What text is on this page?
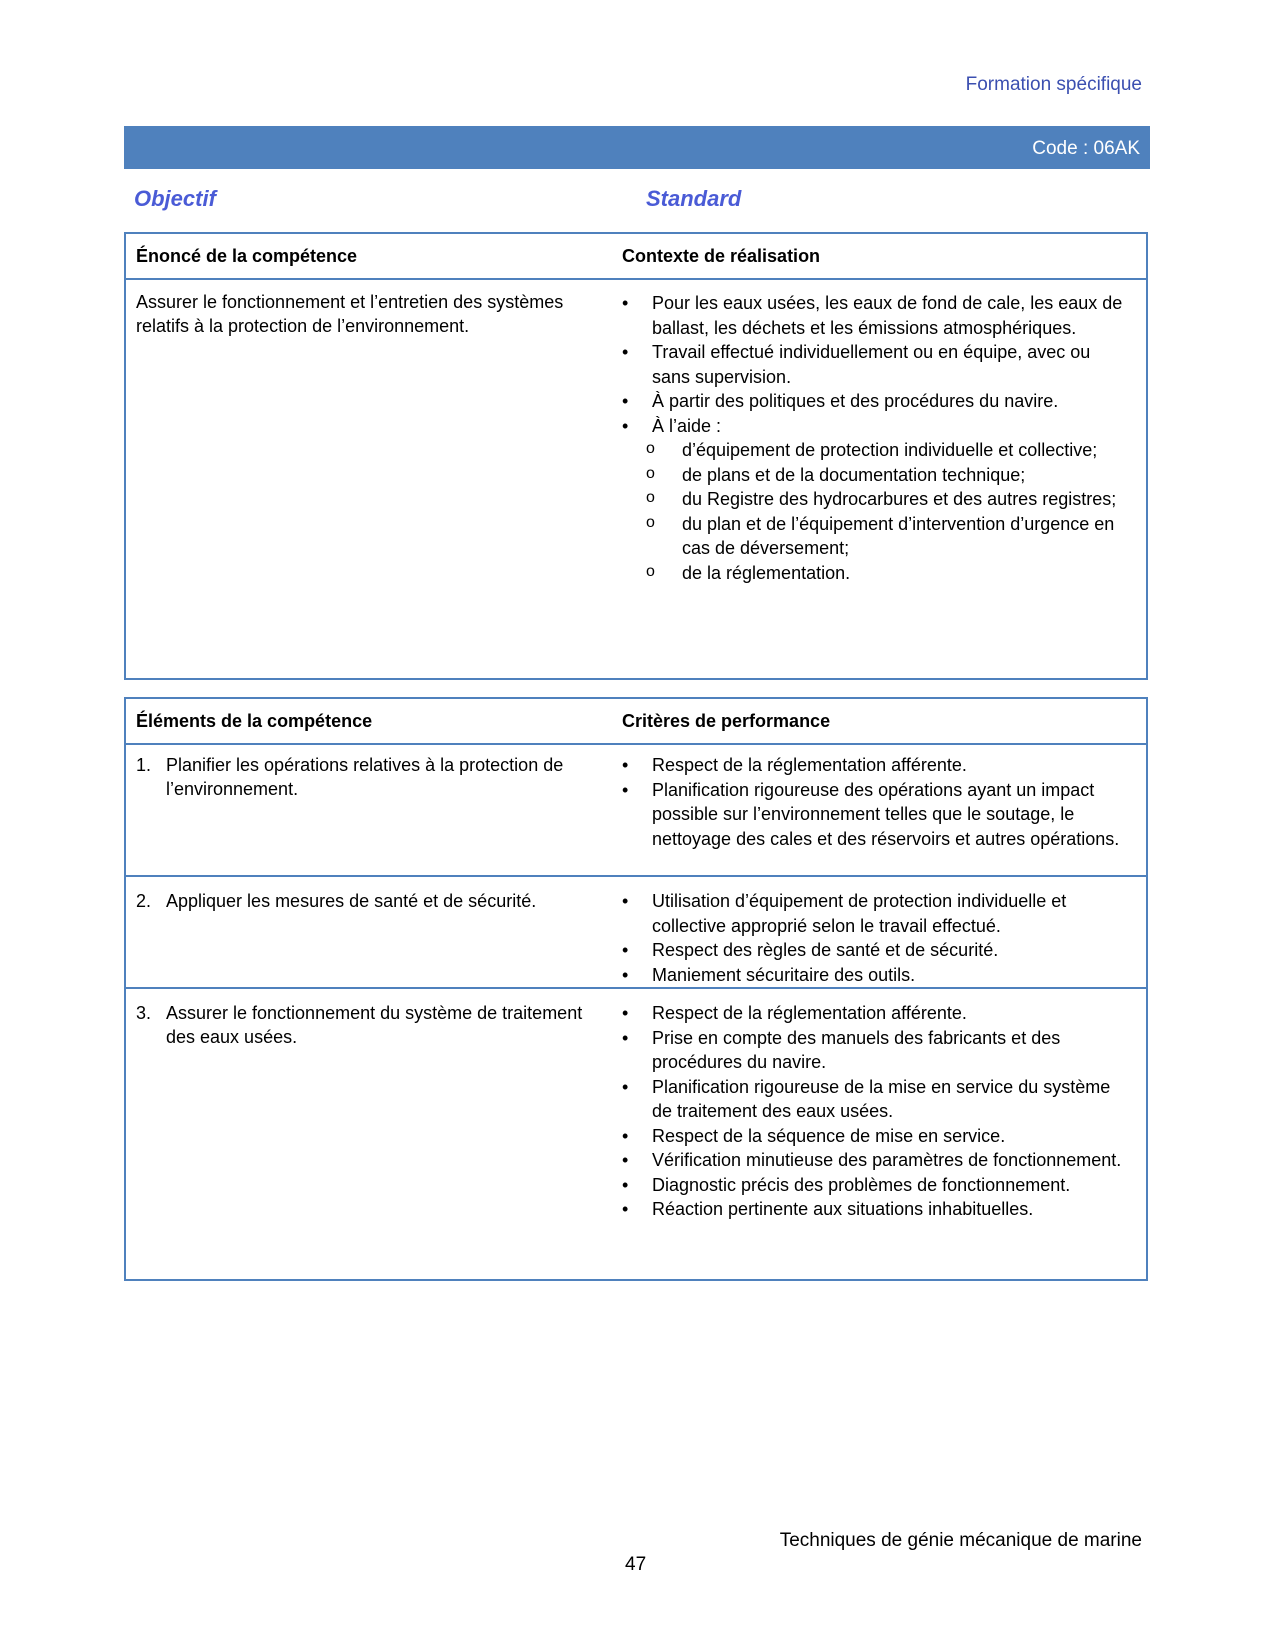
Formation spécifique
Code : 06AK
Objectif	Standard
Énoncé de la compétence	Contexte de réalisation
Assurer le fonctionnement et l’entretien des systèmes relatifs à la protection de l’environnement.
• Pour les eaux usées, les eaux de fond de cale, les eaux de ballast, les déchets et les émissions atmosphériques.
• Travail effectué individuellement ou en équipe, avec ou sans supervision.
• À partir des politiques et des procédures du navire.
• À l’aide :
o d’équipement de protection individuelle et collective;
o de plans et de la documentation technique;
o du Registre des hydrocarbures et des autres registres;
o du plan et de l’équipement d’intervention d’urgence en cas de déversement;
o de la réglementation.
Éléments de la compétence	Critères de performance
1. Planifier les opérations relatives à la protection de l’environnement.
• Respect de la réglementation afférente.
• Planification rigoureuse des opérations ayant un impact possible sur l’environnement telles que le soutage, le nettoyage des cales et des réservoirs et autres opérations.
2. Appliquer les mesures de santé et de sécurité.
•	Utilisation d’équipement de protection individuelle et collective approprié selon le travail effectué.
• Respect des règles de santé et de sécurité.
• Maniement sécuritaire des outils.
3. Assurer le fonctionnement du système de traitement des eaux usées.
• Respect de la réglementation afférente.
• Prise en compte des manuels des fabricants et des procédures du navire.
• Planification rigoureuse de la mise en service du système de traitement des eaux usées.
• Respect de la séquence de mise en service.
• Vérification minutieuse des paramètres de fonctionnement.
• Diagnostic précis des problèmes de fonctionnement.
• Réaction pertinente aux situations inhabituelles.
Techniques de génie mécanique de marine
47
